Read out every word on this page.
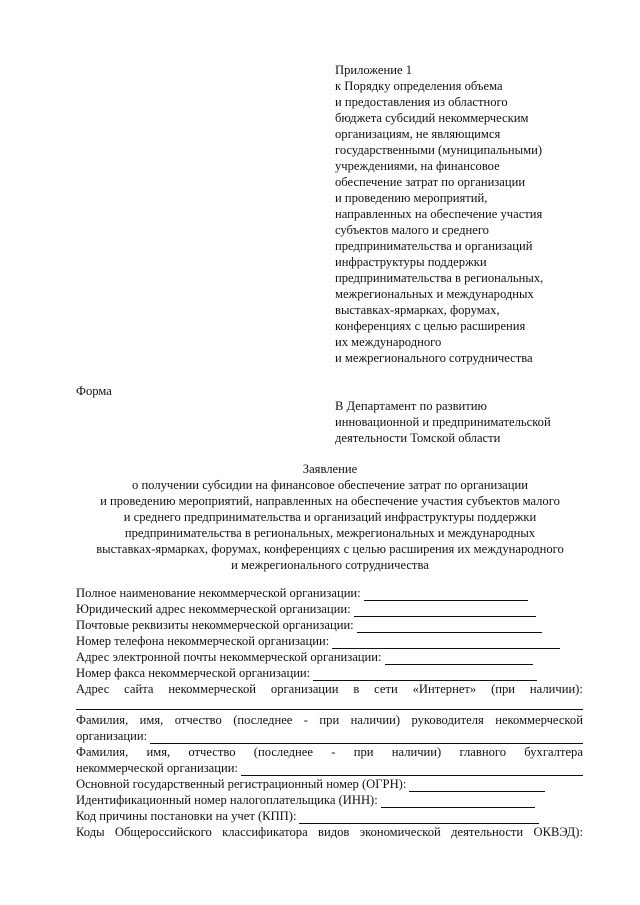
Приложение 1
к Порядку определения объема
и предоставления из областного
бюджета субсидий некоммерческим
организациям, не являющимся
государственными (муниципальными)
учреждениями, на финансовое
обеспечение затрат по организации
и проведению мероприятий,
направленных на обеспечение участия
субъектов малого и среднего
предпринимательства и организаций
инфраструктуры поддержки
предпринимательства в региональных,
межрегиональных и международных
выставках-ярмарках, форумах,
конференциях с целью расширения
их международного
и межрегионального сотрудничества
Форма
В Департамент по развитию
инновационной и предпринимательской
деятельности Томской области
Заявление
о получении субсидии на финансовое обеспечение затрат по организации
и проведению мероприятий, направленных на обеспечение участия субъектов малого
и среднего предпринимательства и организаций инфраструктуры поддержки
предпринимательства в региональных, межрегиональных и международных
выставках-ярмарках, форумах, конференциях с целью расширения их международного
и межрегионального сотрудничества
Полное наименование некоммерческой организации:
Юридический адрес некоммерческой организации:
Почтовые реквизиты некоммерческой организации:
Номер телефона некоммерческой организации:
Адрес электронной почты некоммерческой организации:
Номер факса некоммерческой организации:
Адрес сайта некоммерческой организации в сети «Интернет» (при наличии):
Фамилия, имя, отчество (последнее - при наличии) руководителя некоммерческой
организации:
Фамилия, имя, отчество (последнее - при наличии) главного бухгалтера
некоммерческой организации:
Основной государственный регистрационный номер (ОГРН):
Идентификационный номер налогоплательщика (ИНН):
Код причины постановки на учет (КПП):
Коды Общероссийского классификатора видов экономической деятельности ОКВЭД):
